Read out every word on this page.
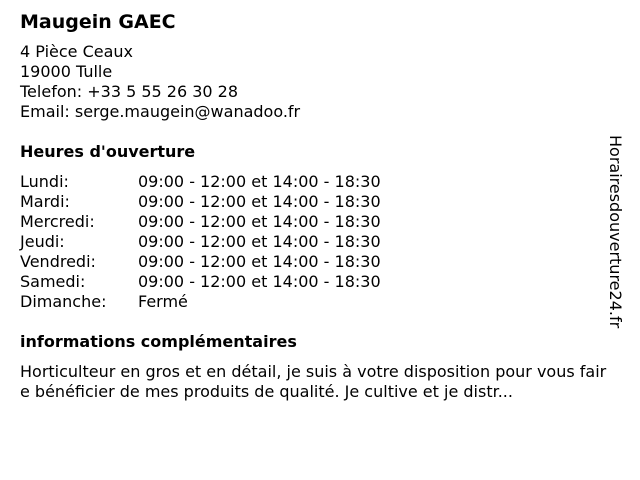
Maugein GAEC
4 Pièce Ceaux
19000 Tulle
Telefon: +33 5 55 26 30 28
Email: serge.maugein@wanadoo.fr
Heures d'ouverture
Lundi:	09:00 - 12:00 et 14:00 - 18:30
Mardi:	09:00 - 12:00 et 14:00 - 18:30
Mercredi:	09:00 - 12:00 et 14:00 - 18:30
Jeudi:	09:00 - 12:00 et 14:00 - 18:30
Vendredi:	09:00 - 12:00 et 14:00 - 18:30
Samedi:	09:00 - 12:00 et 14:00 - 18:30
Dimanche:	Fermé
informations complémentaires
Horticulteur en gros et en détail, je suis à votre disposition pour vous faire bénéficier de mes produits de qualité. Je cultive et je distr...
Horairesdouverture24.fr
